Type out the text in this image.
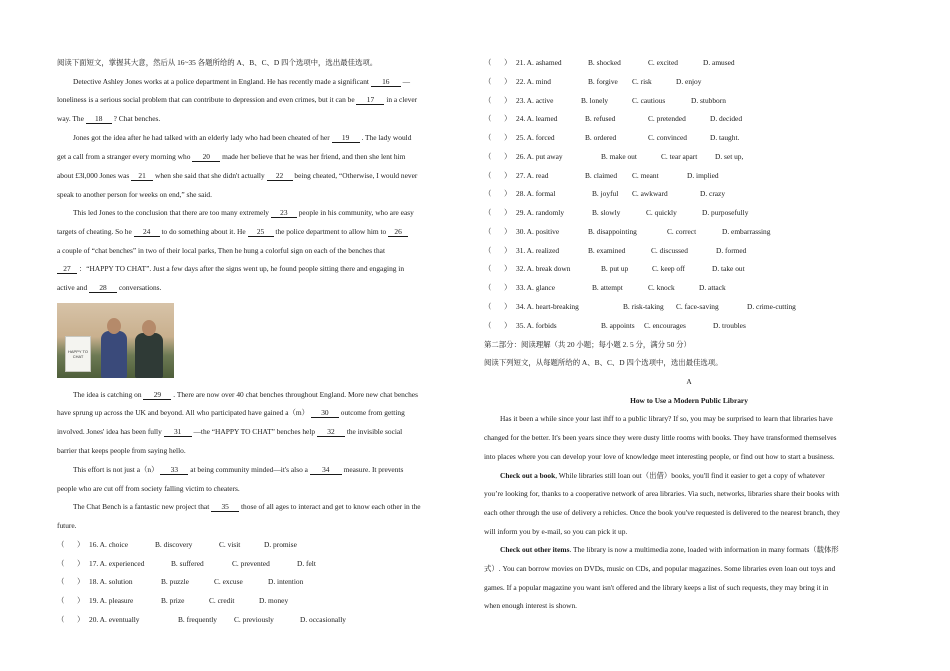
阅读下面短文，掌握其大意，然后从 16~35 各题所给的 A、B、C、D 四个选项中，选出最佳选项。
Detective Ashley Jones works at a police department in England. He has recently made a significant 16 —
loneliness is a serious social problem that can contribute to depression and even crimes, but it can be 17 in a clever
way. The 18 ? Chat benches.
Jones got the idea after he had talked with an elderly lady who had been cheated of her 19 . The lady would
get a call from a stranger every morning who 20 made her believe that he was her friend, and then she lent him
about £3l,000 Jones was 21 when she said that she didn't actually 22 being cheated, “Otherwise, I would never
speak to another person for weeks on end,” she said.
This led Jones to the conclusion that there are too many extremely 23 people in his community, who are easy
targets of cheating. So he 24 to do something about it. He 25 the police department to allow him to 26
a couple of “chat benches” in two of their local parks, Then he hung a colorful sign on each of the benches that
27 ：“HAPPY TO CHAT”. Just a few days after the signs went up, he found people sitting there and engaging in
active and 28 conversations.
HAPPY TO CHAT
The idea is catching on 29 . There are now over 40 chat benches throughout England. More new chat benches
have sprung up across the UK and beyond. All who participated have gained a（m） 30 outcome from getting
involved. Jones' idea has been fully 31 —the “HAPPY TO CHAT” benches help 32 the invisible social
barrier that keeps people from saying hello.
This effort is not just a（n） 33 at being community minded—it's also a 34 measure. It prevents
people who are cut off from society falling victim to cheaters.
The Chat Bench is a fantastic new project that 35 those of all ages to interact and get to know each other in the
future.
（ ） 16. A. choice	B. discovery	C. visit	D. promise
（ ） 17. A. experienced	B. suffered	C. prevented	D. felt
（ ） 18. A. solution	B. puzzle	C. excuse	D. intention
（ ） 19. A. pleasure	B. prize	C. credit	D. money
（ ） 20. A. eventually	B. frequently C. previously	D. occasionally
（ ） 21. A. ashamed	B. shocked	C. excited	D. amused
（ ） 22. A. mind	B. forgive C. risk	D. enjoy
（ ） 23. A. active	B. lonely	C. cautious	D. stubborn
（ ） 24. A. learned	B. refused	C. pretended	D. decided
（ ） 25. A. forced	B. ordered	C. convinced	D. taught.
（ ） 26. A. put away	B. make out	C. tear apart D. set up,
（ ） 27. A. read	B. claimed C. meant	D. implied
（ ） 28. A. formal	B. joyful C. awkward	D. crazy
（ ） 29. A. randomly	B. slowly	C. quickly	D. purposefully
（ ） 30. A. positive	B. disappointing	C. correct	D. embarrassing
（ ） 31. A. realized	B. examined	C. discussed	D. formed
（ ） 32. A. break down	B. put up	C. keep off	D. take out
（ ） 33. A. glance	B. attempt	C. knock	D. attack
（ ） 34. A. heart-breaking	B. risk-taking C. face-saving	D. crime-cutting
（ ） 35. A. forbids	B. appoints C. encourages	D. troubles
第二部分：阅读理解（共 20 小题；每小题 2. 5 分，满分 50 分）
阅读下列短文，从每题所给的 A、B、C、D 四个选项中，选出最佳选项。
A
How to Use a Modern Public Library
Has it been a while since your last ihff to a public library? If so, you may be surprised to learn that libraries have
changed for the better. It's been years since they were dusty little rooms with books. They have transformed themselves
into places where you can develop your love of knowledge meet interesting people, or find out how to start a business.
Check out a book, While libraries still loan out（出借）books, you'll find it easier to get a copy of whatever
you’re looking for, thanks to a cooperative network of area libraries. Via such, networks, libraries share their books with
each other through the use of delivery a rehicles. Once the book you've requested is delivered to the nearest branch, they
will inform you by e-mail, so you can pick it up.
Check out other items. The library is now a multimedia zone, loaded with information in many formats（载体形
式）. You can borrow movies on DVDs, music on CDs, and popular magazines. Some libraries even loan out toys and
games. If a popular magazine you want isn't offered and the library keeps a list of such requests, they may bring it in
when enough interest is shown.
